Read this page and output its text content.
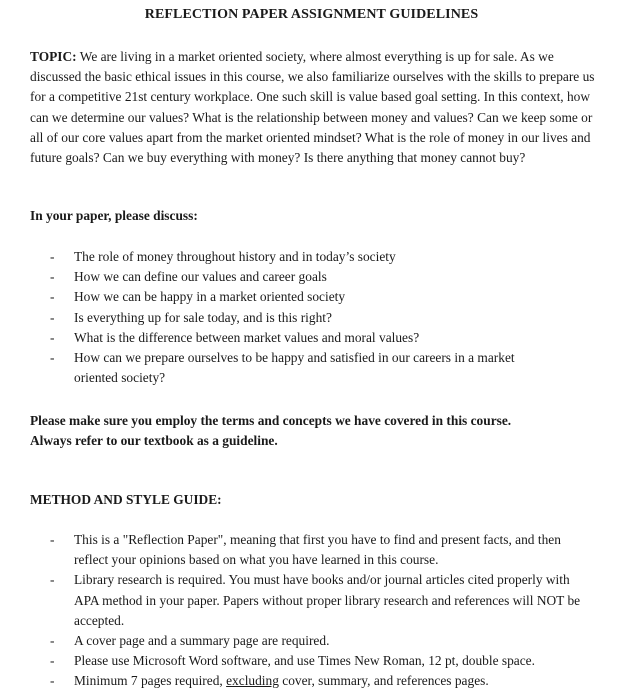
REFLECTION PAPER ASSIGNMENT GUIDELINES
TOPIC: We are living in a market oriented society, where almost everything is up for sale. As we discussed the basic ethical issues in this course, we also familiarize ourselves with the skills to prepare us for a competitive 21st century workplace. One such skill is value based goal setting. In this context, how can we determine our values? What is the relationship between money and values? Can we keep some or all of our core values apart from the market oriented mindset? What is the role of money in our lives and future goals? Can we buy everything with money? Is there anything that money cannot buy?
In your paper, please discuss:
- The role of money throughout history and in today’s society
- How we can define our values and career goals
- How we can be happy in a market oriented society
- Is everything up for sale today, and is this right?
- What is the difference between market values and moral values?
- How can we prepare ourselves to be happy and satisfied in our careers in a market oriented society?
Please make sure you employ the terms and concepts we have covered in this course.
Always refer to our textbook as a guideline.
METHOD AND STYLE GUIDE:
- This is a "Reflection Paper", meaning that first you have to find and present facts, and then reflect your opinions based on what you have learned in this course.
- Library research is required. You must have books and/or journal articles cited properly with APA method in your paper. Papers without proper library research and references will NOT be accepted.
- A cover page and a summary page are required.
- Please use Microsoft Word software, and use Times New Roman, 12 pt, double space.
- Minimum 7 pages required, excluding cover, summary, and references pages.
